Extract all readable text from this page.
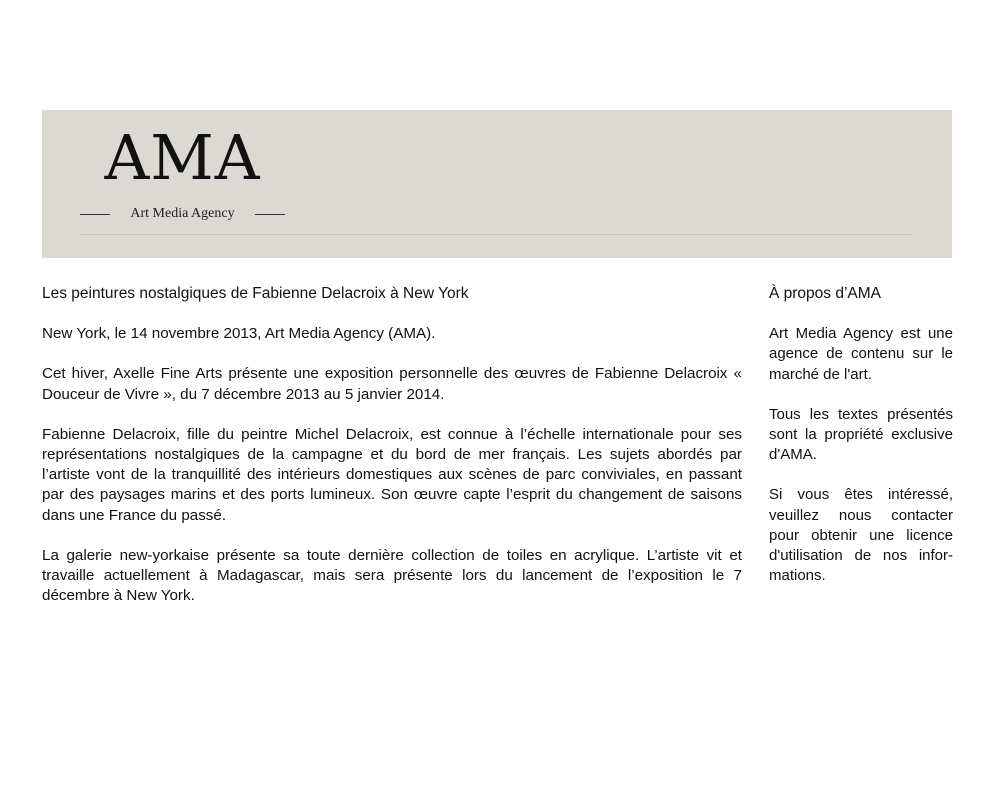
AMA
Art Media Agency
Les peintures nostalgiques de Fabienne Delacroix à New York

New York, le 14 novembre 2013, Art Media Agency (AMA).

Cet hiver, Axelle Fine Arts présente une exposition personnelle des œuvres de Fabienne Delacroix « Douceur de Vivre », du 7 décembre 2013 au 5 janvier 2014.

Fabienne Delacroix, fille du peintre Michel Delacroix, est connue à l’échelle internationale pour ses représentations nostalgiques de la campagne et du bord de mer français. Les sujets abordés par l’artiste vont de la tranquillité des intérieurs domestiques aux scènes de parc conviviales, en passant par des paysages marins et des ports lumineux. Son œuvre capte l’esprit du changement de saisons dans une France du passé.

La galerie new-yorkaise présente sa toute dernière collection de toiles en acrylique. L’artiste vit et travaille actuellement à Madagascar, mais sera présente lors du lancement de l’exposition le 7 décembre à New York.

À propos d’AMA

Art Media Agency est une agence de contenu sur le marché de l'art.

Tous les textes présentés sont la propriété exclusive d'AMA.

Si vous êtes intéressé, veuillez nous contacter pour obtenir une licence d'utilisation de nos informations.
